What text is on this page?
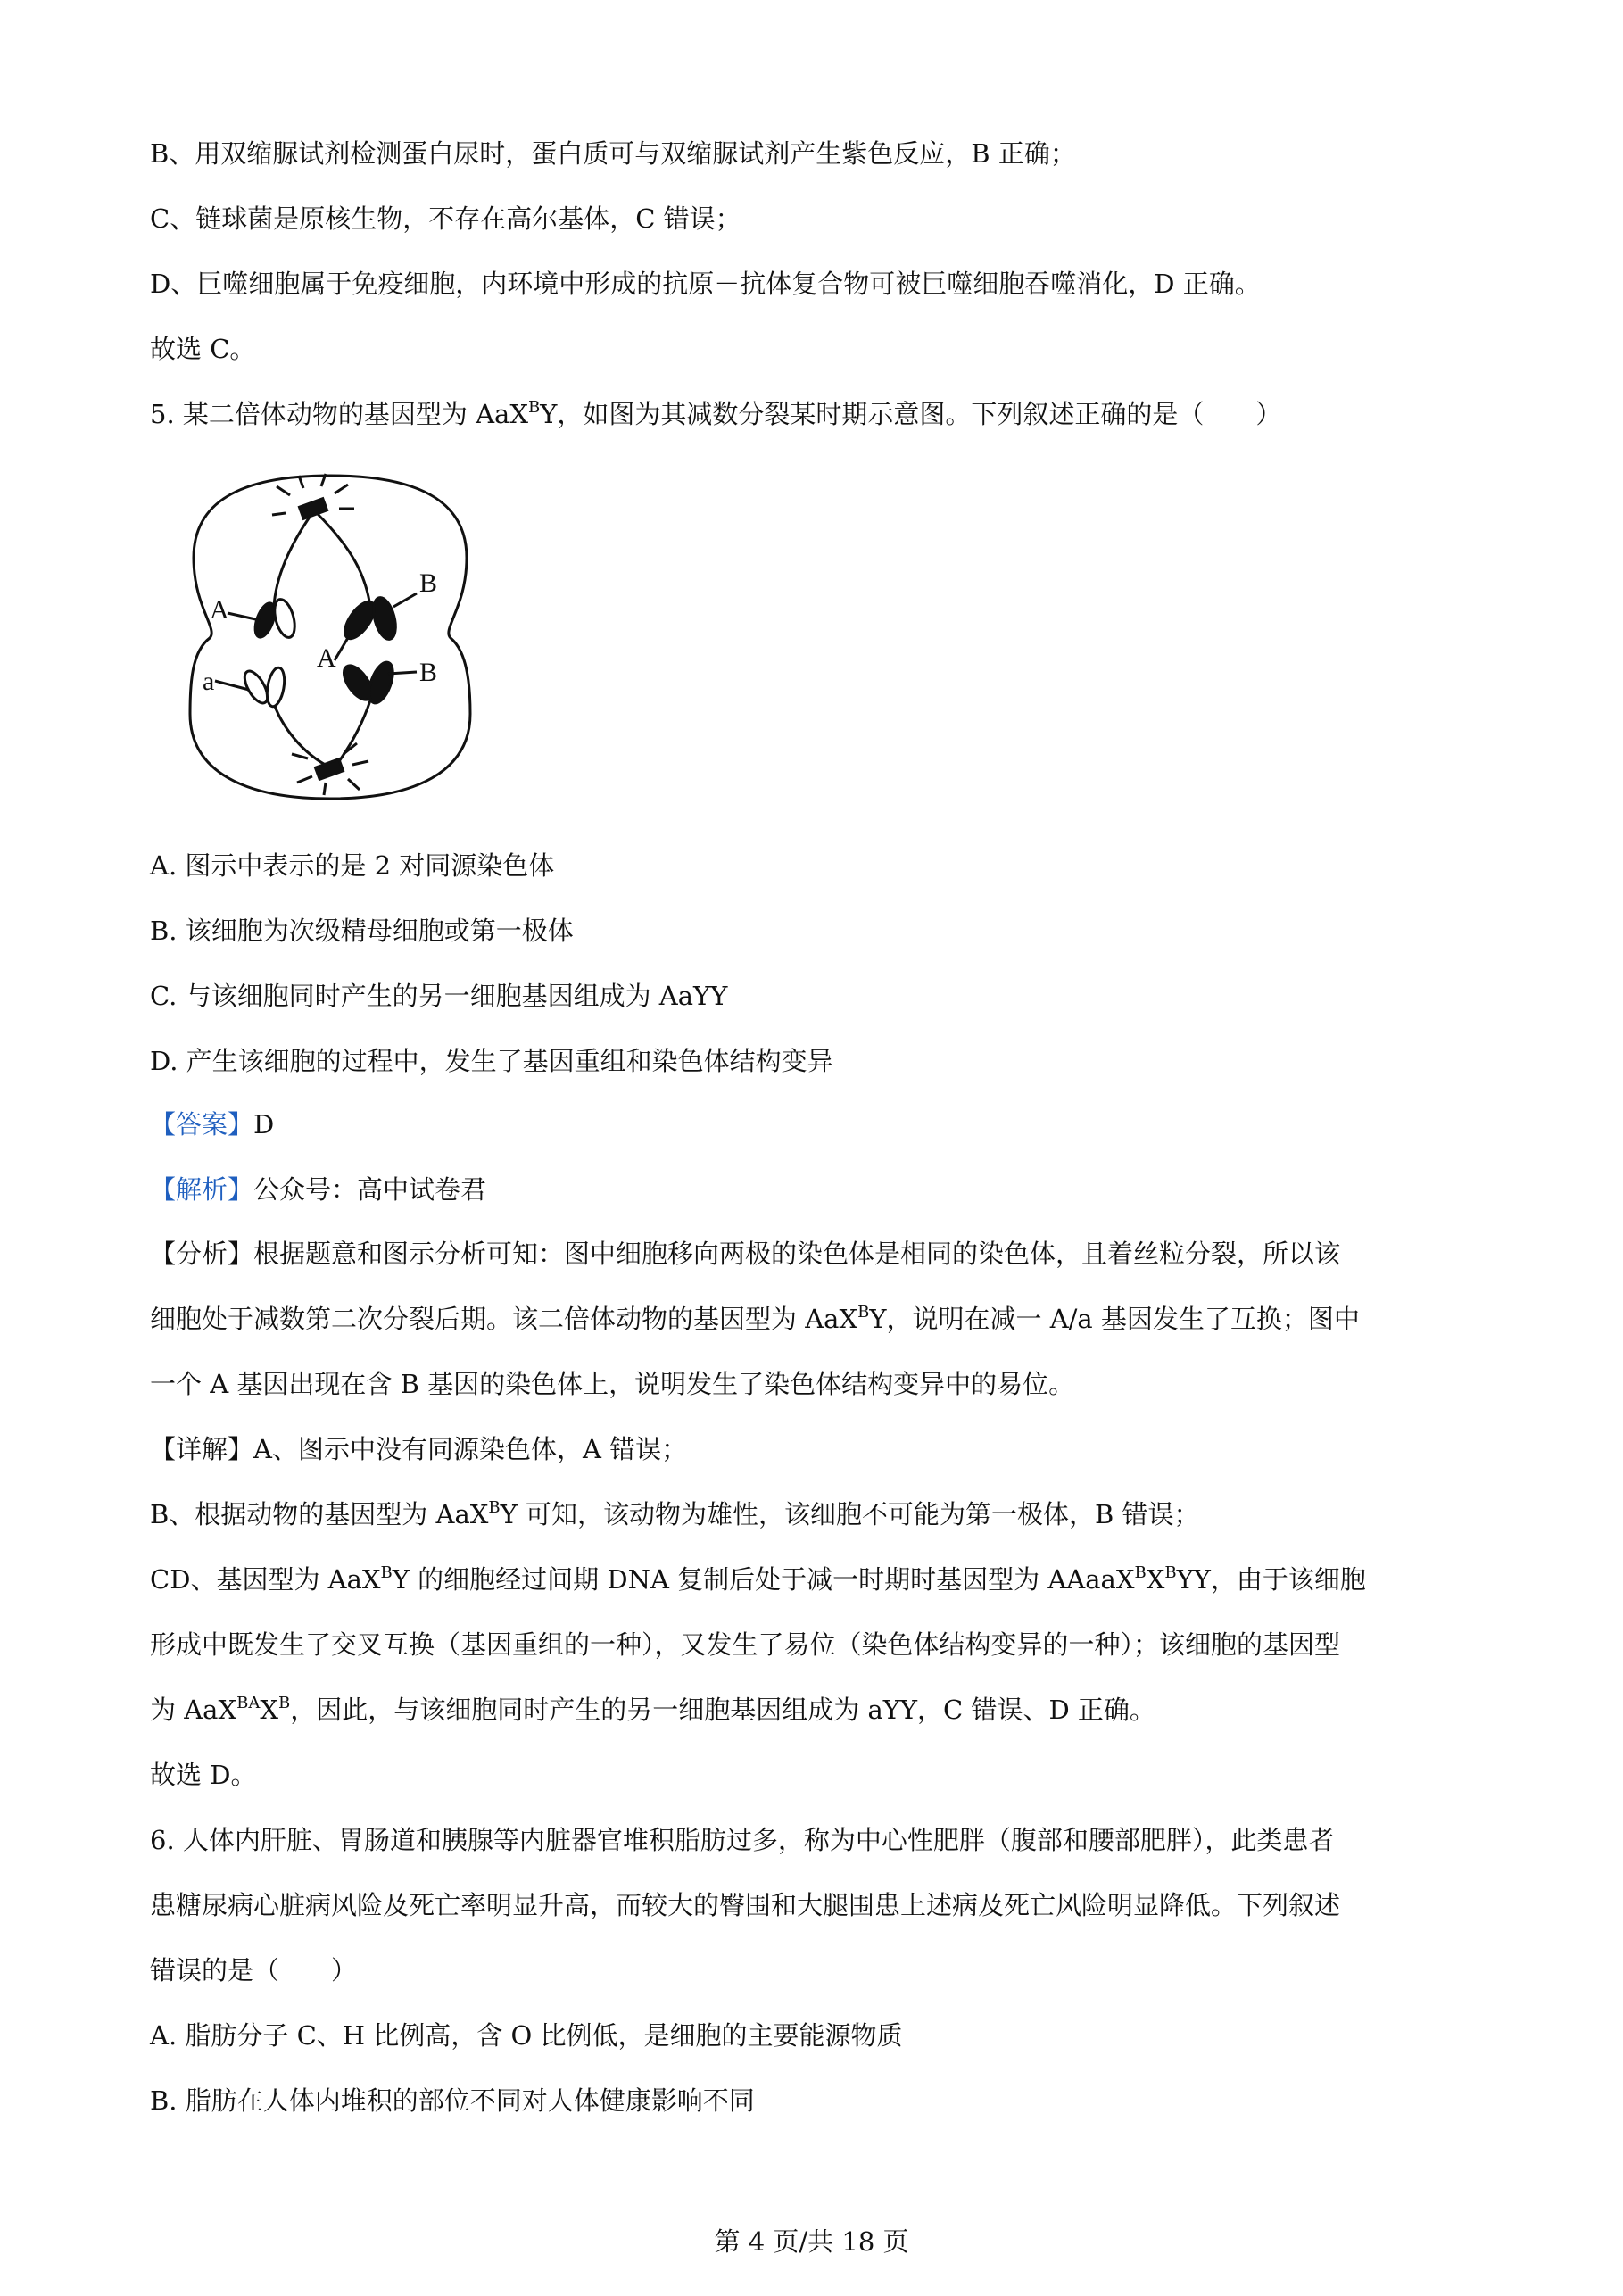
B、用双缩脲试剂检测蛋白尿时，蛋白质可与双缩脲试剂产生紫色反应，B 正确；

C、链球菌是原核生物，不存在高尔基体，C 错误；

D、巨噬细胞属于免疫细胞，内环境中形成的抗原－抗体复合物可被巨噬细胞吞噬消化，D 正确。

故选 C。

5. 某二倍体动物的基因型为 AaX$^B$Y，如图为其减数分裂某时期示意图。下列叙述正确的是（　　）

A
B
A
a	B

A. 图示中表示的是 2 对同源染色体

B. 该细胞为次级精母细胞或第一极体

C. 与该细胞同时产生的另一细胞基因组成为 AaYY

D. 产生该细胞的过程中，发生了基因重组和染色体结构变异

【答案】D

【解析】公众号：高中试卷君

【分析】根据题意和图示分析可知：图中细胞移向两极的染色体是相同的染色体，且着丝粒分裂，所以该

细胞处于减数第二次分裂后期。该二倍体动物的基因型为 AaX$^B$Y，说明在减一 A/a 基因发生了互换；图中

一个 A 基因出现在含 B 基因的染色体上，说明发生了染色体结构变异中的易位。

【详解】A、图示中没有同源染色体，A 错误；

B、根据动物的基因型为 AaX$^B$Y 可知，该动物为雄性，该细胞不可能为第一极体，B 错误；

CD、基因型为 AaX$^B$Y 的细胞经过间期 DNA 复制后处于减一时期时基因型为 $AAaaX^BX^BYY$，由于该细胞

形成中既发生了交叉互换（基因重组的一种），又发生了易位（染色体结构变异的一种）；该细胞的基因型

为 $AaX^{BA}X^B$，因此，与该细胞同时产生的另一细胞基因组成为 aYY，C 错误、D 正确。

故选 D。

6. 人体内肝脏、胃肠道和胰腺等内脏器官堆积脂肪过多，称为中心性肥胖（腹部和腰部肥胖），此类患者

患糖尿病心脏病风险及死亡率明显升高，而较大的臀围和大腿围患上述病及死亡风险明显降低。下列叙述

错误的是（　　）

A. 脂肪分子 C、H 比例高，含 O 比例低，是细胞的主要能源物质

B. 脂肪在人体内堆积的部位不同对人体健康影响不同

第 4 页/共 18 页
